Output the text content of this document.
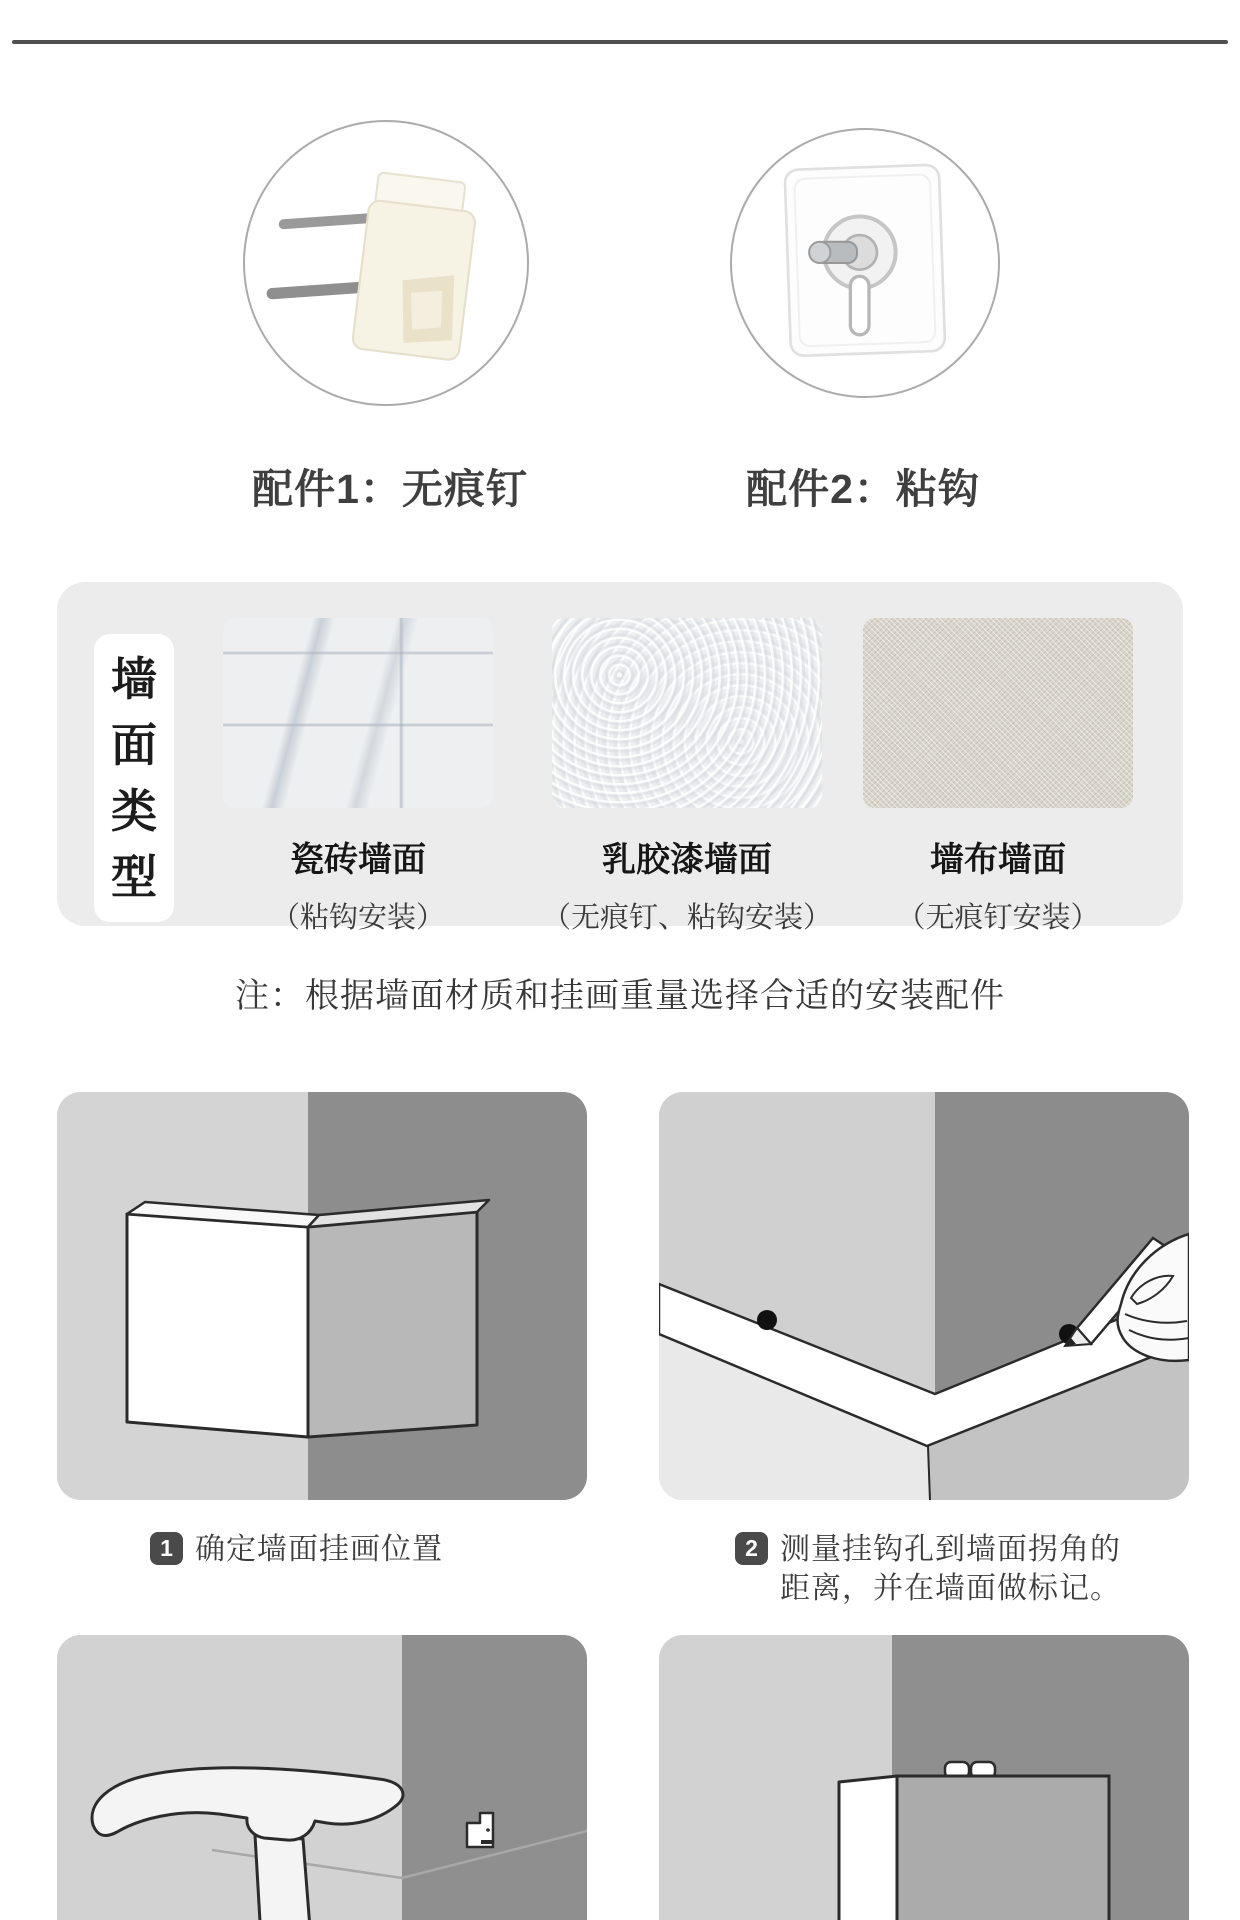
配件1：无痕钉	配件2：粘钩
墙
面
类
型	瓷砖墙面
（粘钩安装）
乳胶漆墙面
（无痕钉、粘钩安装）
墙布墙面
（无痕钉安装）
注：根据墙面材质和挂画重量选择合适的安装配件
1 确定墙面挂画位置	2 测量挂钩孔到墙面拐角的
距离，并在墙面做标记。
